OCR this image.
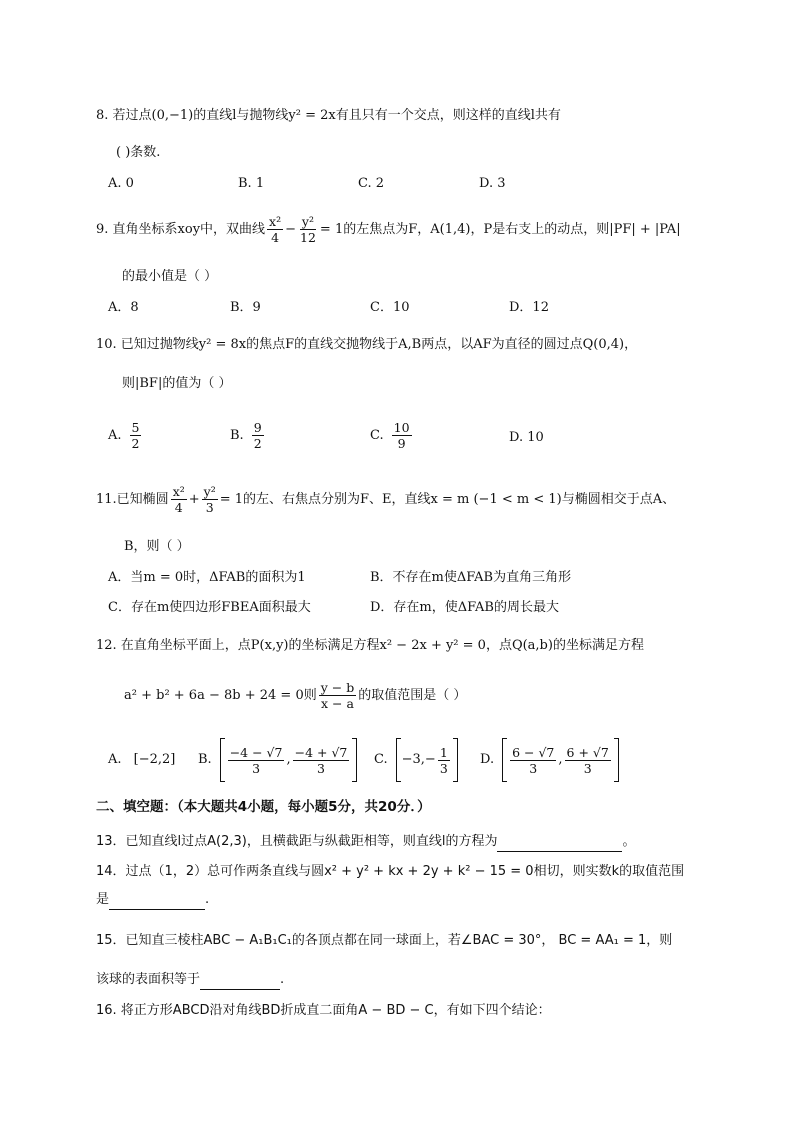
8. 若过点(0,−1)的直线l与抛物线y² = 2x有且只有一个交点，则这样的直线l共有
( )条数.
A. 0	B. 1	C. 2	D. 3
9. 直角坐标系xoy中，双曲线 $\frac{\text{x²}}{4} - \frac{\text{y²}}{12} = 1$的左焦点为F，A(1,4)，P是右支上的动点，则|PF| + |PA|
的最小值是（ ）
A．8	B．9	C．10	D．12
10. 已知过抛物线y² = 8x的焦点F的直线交抛物线于A,B两点，以AF为直径的圆过点Q(0,4)，
则|BF|的值为（ ）
A. $\frac{5}{2}$	B. $\frac{9}{2}$	C. $\frac{10}{9}$	D. 10
11.已知椭圆 $\frac{\text{x²}}{4} + \frac{\text{y²}}{3} = 1$的左、右焦点分别为F、E，直线x = m (−1 < m < 1)与椭圆相交于点A、
B，则（ ）
A．当m = 0时，ΔFAB的面积为1	B．不存在m使ΔFAB为直角三角形
C．存在m使四边形FBEA面积最大	D．存在m，使ΔFAB的周长最大
12. 在直角坐标平面上，点P(x,y)的坐标满足方程x² − 2x + y² = 0，点Q(a,b)的坐标满足方程
a² + b² + 6a − 8b + 24 = 0则 $\frac{y - b}{x - a}$ 的取值范围是（ ）
A. [−2,2] B. $\frac{-4 - √7}{3}$ , $\frac{-4 + √7}{3} C$. $-3,- \frac{1}{3} D$. $\frac{6 - √7}{3}$ , $\frac{6 + √7}{3}$
二、填空题：（本大题共4小题，每小题5分，共20分．）
13．已知直线l过点A(2,3)，且横截距与纵截距相等，则直线l的方程为	。
14．过点（1，2）总可作两条直线与圆x² + y² + kx + 2y + k² − 15 = 0相切，则实数k的取值范围
是	.
15．已知直三棱柱ABC − A₁B₁C₁的各顶点都在同一球面上，若∠BAC = 30°， BC = AA₁ = 1，则
该球的表面积等于	.
16. 将正方形ABCD沿对角线BD折成直二面角A − BD − C，有如下四个结论：
